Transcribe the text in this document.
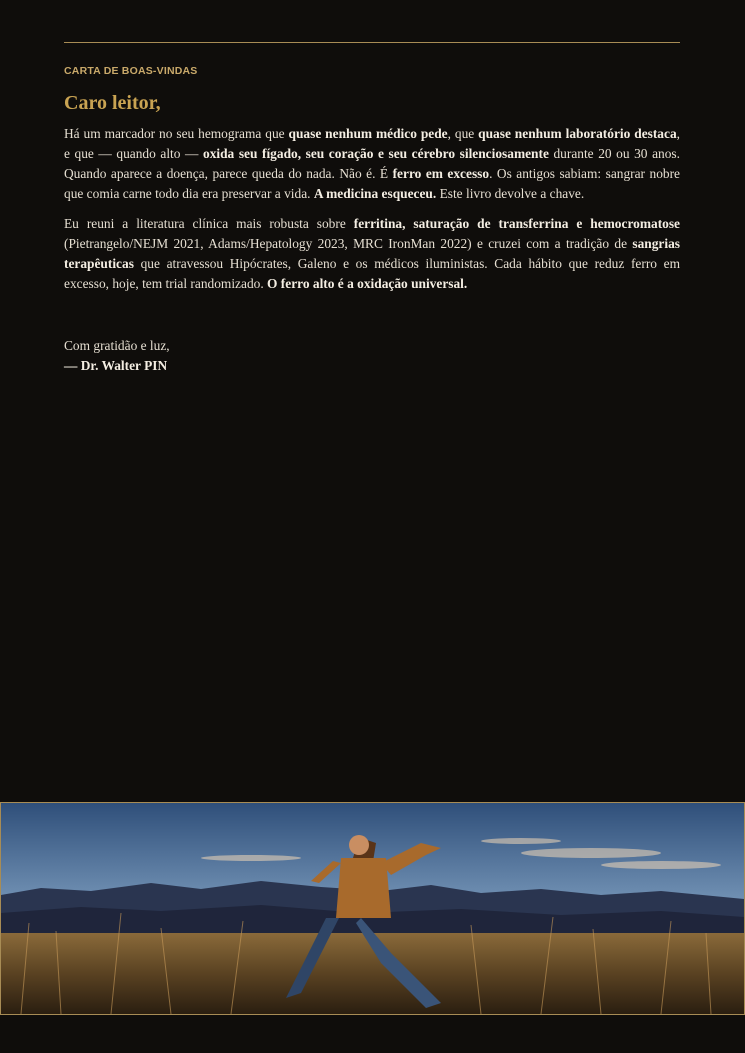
CARTA DE BOAS-VINDAS
Caro leitor,

Há um marcador no seu hemograma que quase nenhum médico pede, que quase nenhum laboratório destaca, e que — quando alto — oxida seu fígado, seu coração e seu cérebro silenciosamente durante 20 ou 30 anos. Quando aparece a doença, parece queda do nada. Não é. É ferro em excesso. Os antigos sabiam: sangrar nobre que comia carne todo dia era preservar a vida. A medicina esqueceu. Este livro devolve a chave.

Eu reuni a literatura clínica mais robusta sobre ferritina, saturação de transferrina e hemocromatose (Pietrangelo/NEJM 2021, Adams/Hepatology 2023, MRC IronMan 2022) e cruzei com a tradição de sangrias terapêuticas que atravessou Hipócrates, Galeno e os médicos iluministas. Cada hábito que reduz ferro em excesso, hoje, tem trial randomizado. O ferro alto é a oxidação universal.

Com gratidão e luz,
— Dr. Walter PIN
